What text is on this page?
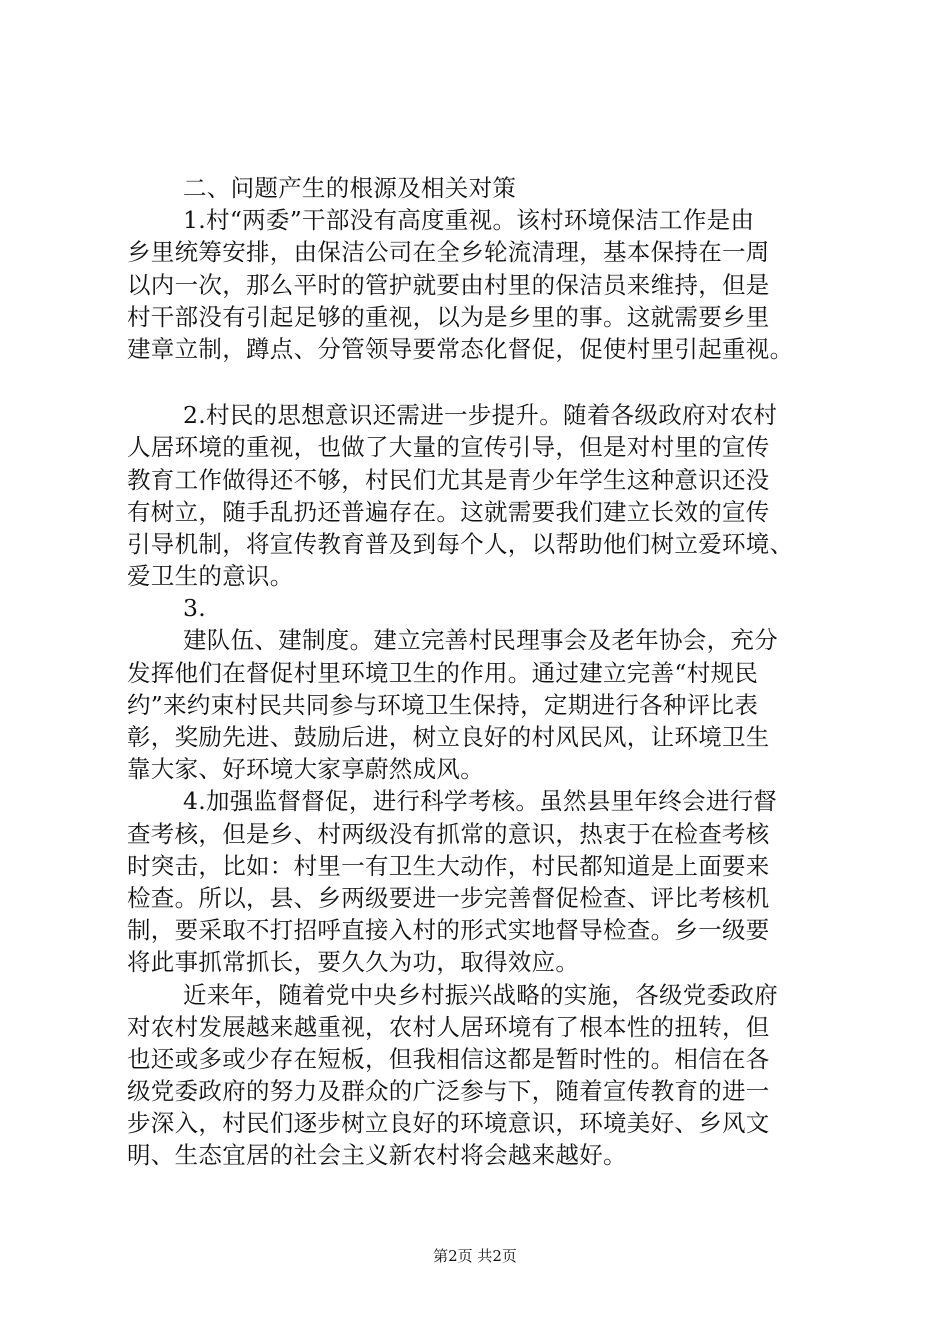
二、问题产生的根源及相关对策
1.村“两委”干部没有高度重视。该村环境保洁工作是由
乡里统筹安排，由保洁公司在全乡轮流清理，基本保持在一周
以内一次，那么平时的管护就要由村里的保洁员来维持，但是
村干部没有引起足够的重视，以为是乡里的事。这就需要乡里
建章立制，蹲点、分管领导要常态化督促，促使村里引起重视。
2.村民的思想意识还需进一步提升。随着各级政府对农村
人居环境的重视，也做了大量的宣传引导，但是对村里的宣传
教育工作做得还不够，村民们尤其是青少年学生这种意识还没
有树立，随手乱扔还普遍存在。这就需要我们建立长效的宣传
引导机制，将宣传教育普及到每个人，以帮助他们树立爱环境、
爱卫生的意识。
3.
建队伍、建制度。建立完善村民理事会及老年协会，充分
发挥他们在督促村里环境卫生的作用。通过建立完善“村规民
约”来约束村民共同参与环境卫生保持，定期进行各种评比表
彰，奖励先进、鼓励后进，树立良好的村风民风，让环境卫生
靠大家、好环境大家享蔚然成风。
4.加强监督督促，进行科学考核。虽然县里年终会进行督
查考核，但是乡、村两级没有抓常的意识，热衷于在检查考核
时突击，比如：村里一有卫生大动作，村民都知道是上面要来
检查。所以，县、乡两级要进一步完善督促检查、评比考核机
制，要采取不打招呼直接入村的形式实地督导检查。乡一级要
将此事抓常抓长，要久久为功，取得效应。
近来年，随着党中央乡村振兴战略的实施，各级党委政府
对农村发展越来越重视，农村人居环境有了根本性的扭转，但
也还或多或少存在短板，但我相信这都是暂时性的。相信在各
级党委政府的努力及群众的广泛参与下，随着宣传教育的进一
步深入，村民们逐步树立良好的环境意识，环境美好、乡风文
明、生态宜居的社会主义新农村将会越来越好。
第2页 共2页
